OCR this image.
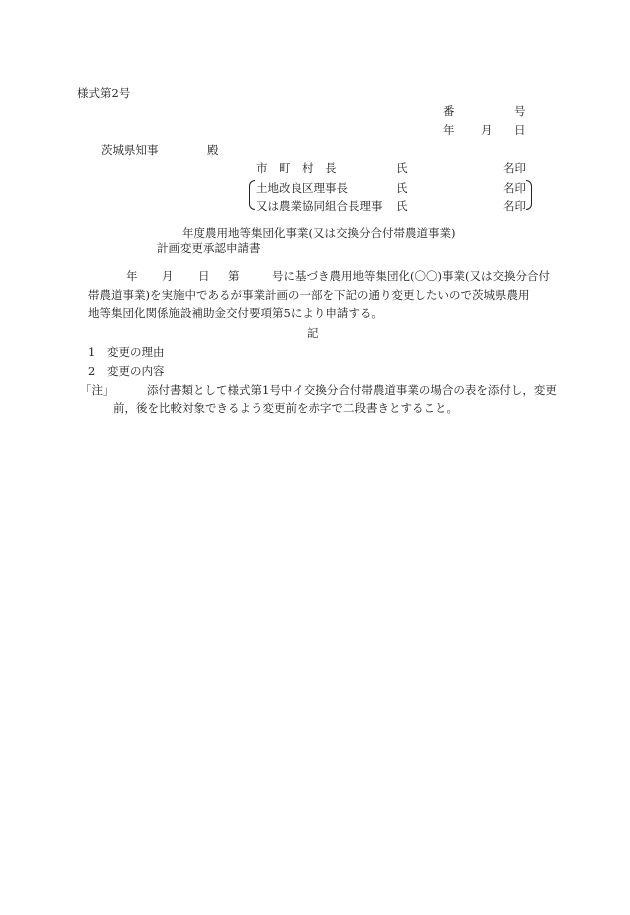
様式第2号
番	号
年 月 日
茨城県知事	殿
市　町　村　長	氏	名印
土地改良区理事長	氏	名印
又は農業協同組合長理事 氏	名印
年度農用地等集団化事業(又は交換分合付帯農道事業)
計画変更承認申請書
年 月 日 第	号に基づき農用地等集団化(〇〇)事業(又は交換分合付
帯農道事業)を実施中であるが事業計画の一部を下記の通り変更したいので茨城県農用
地等集団化関係施設補助金交付要項第5により申請する。
記
1 変更の理由
2 変更の内容
「注」	添付書類として様式第1号中イ交換分合付帯農道事業の場合の表を添付し，変更
前，後を比較対象できるよう変更前を赤字で二段書きとすること。
